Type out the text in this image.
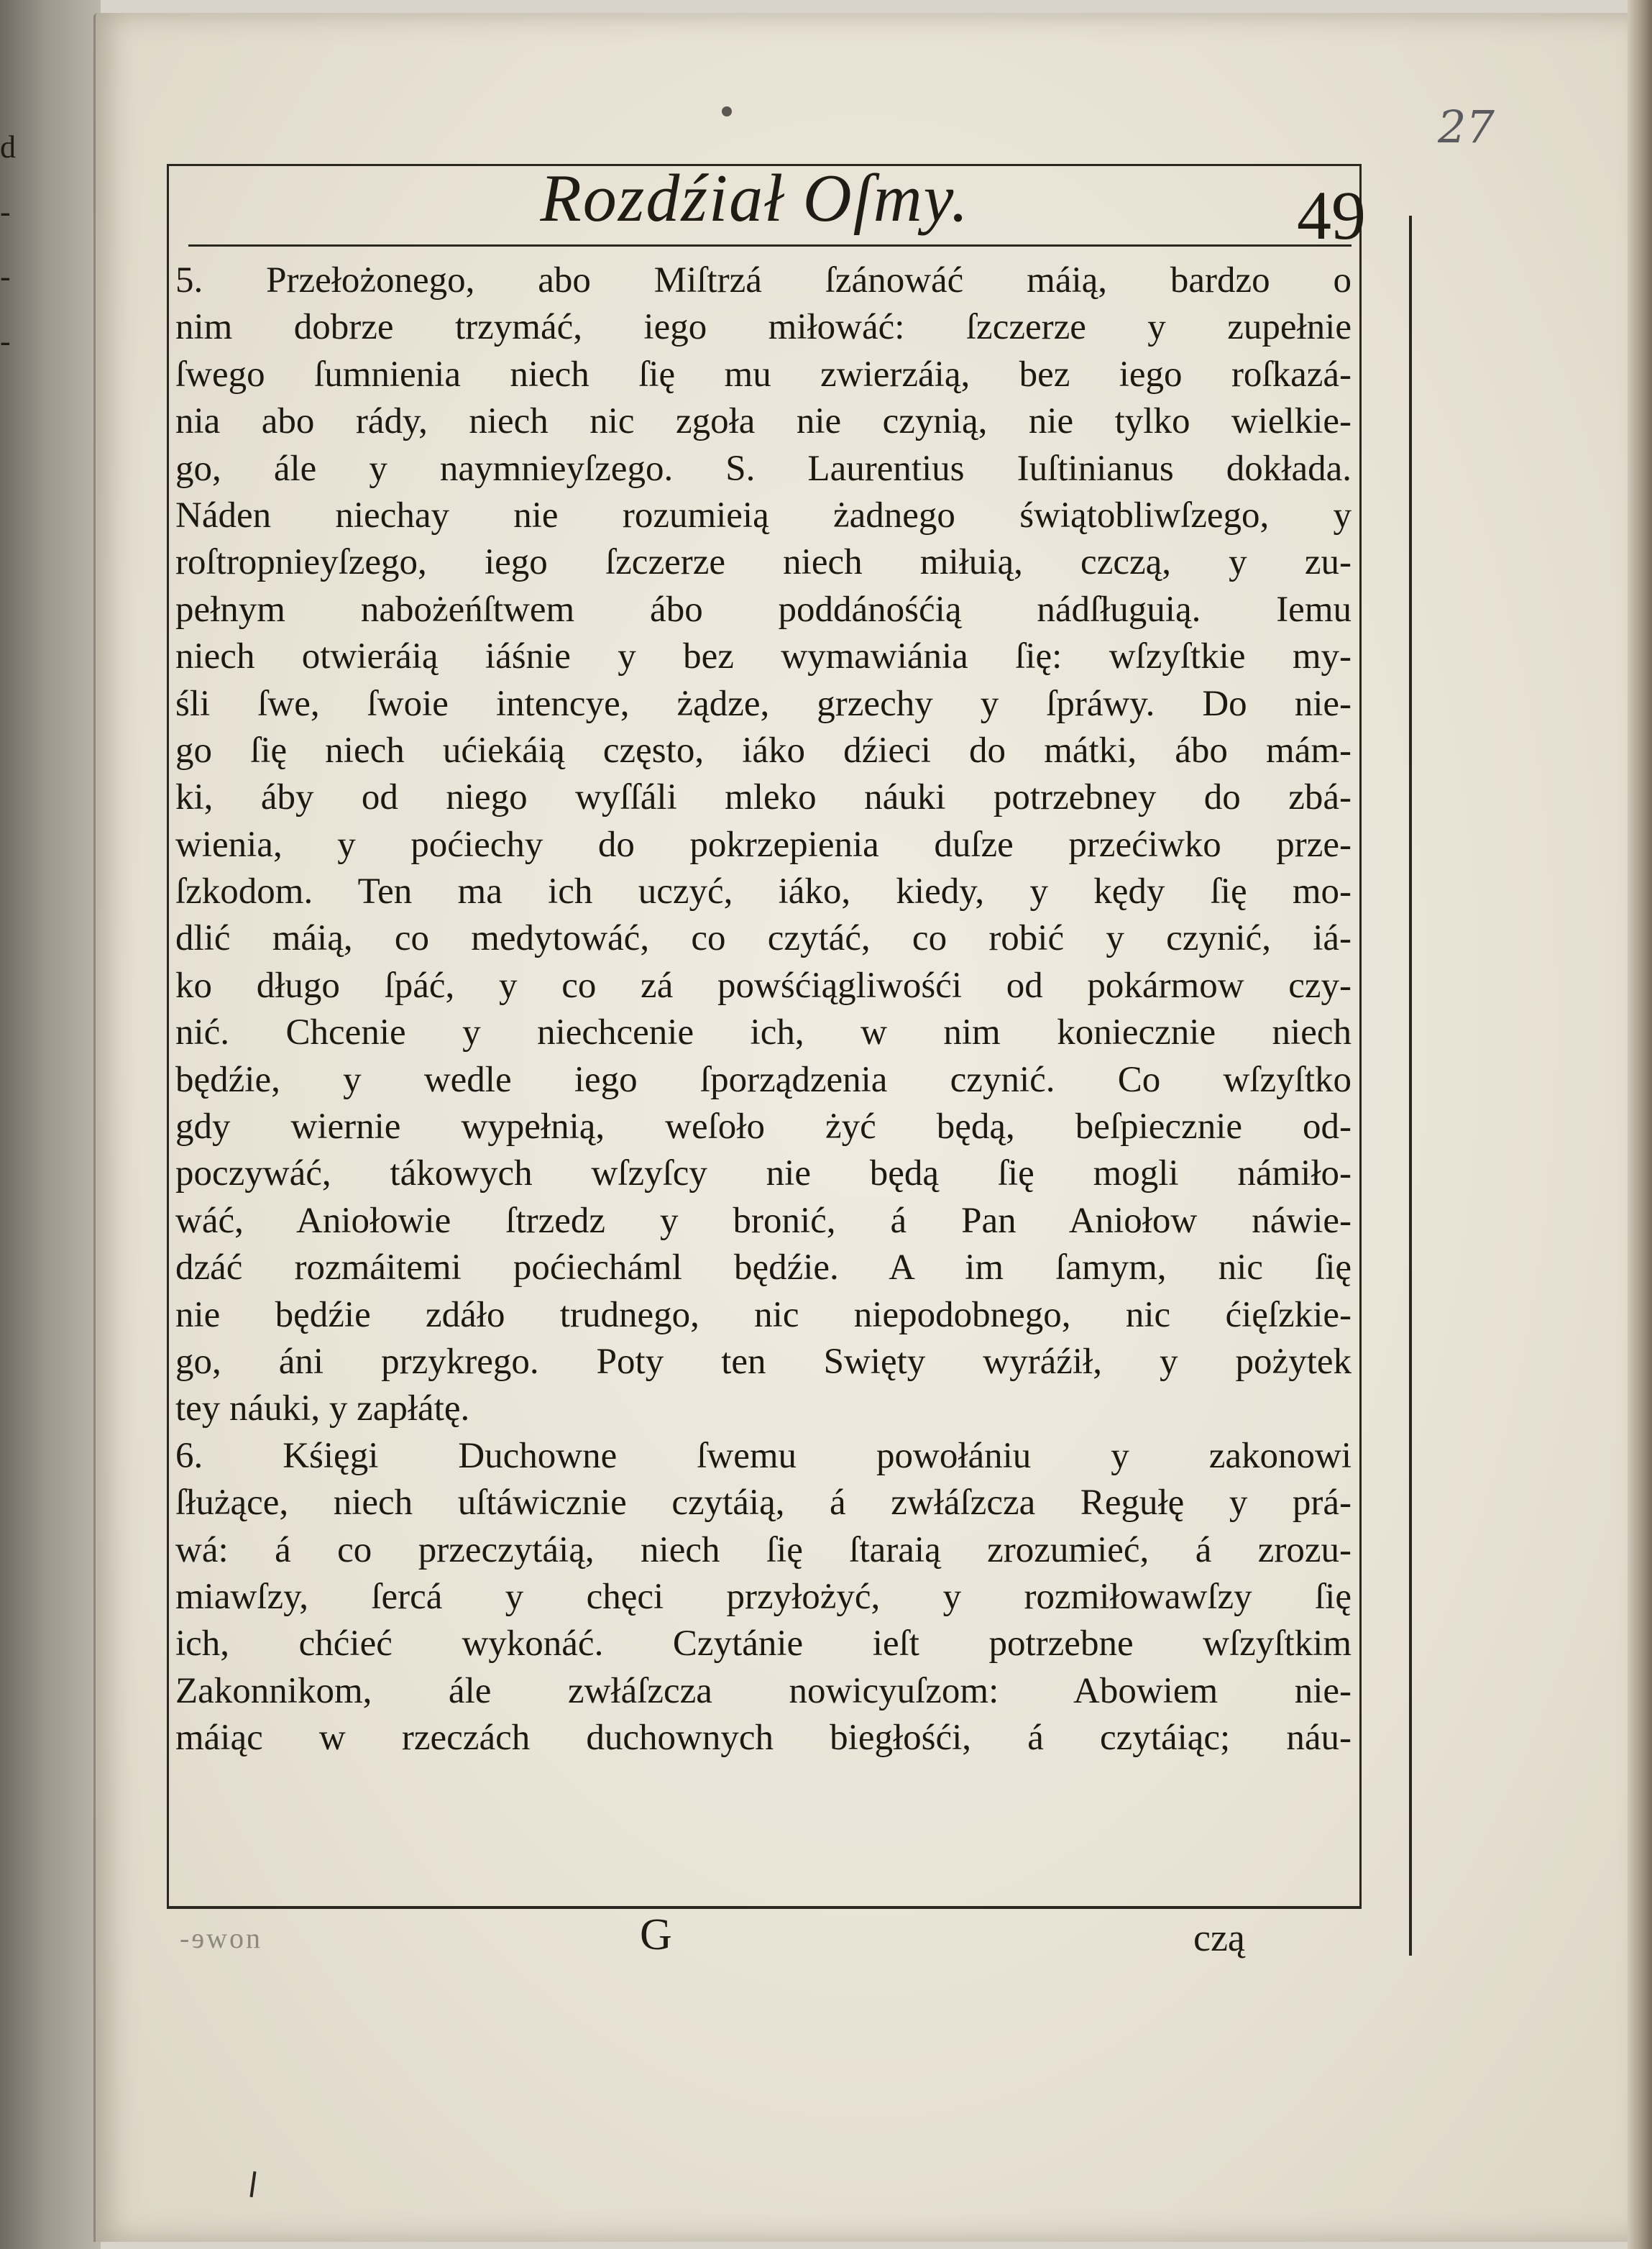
d
-
-
-
27
Rozdźiał Oſmy.	49
5. Przełożonego, abo Miſtrzá ſzánowáć máią, bardzo o
nim dobrze trzymáć, iego miłowáć: ſzczerze y zupełnie
ſwego ſumnienia niech ſię mu zwierzáią, bez iego roſkazá-
nia abo rády, niech nic zgoła nie czynią, nie tylko wielkie-
go, ále y naymnieyſzego. S. Laurentius Iuſtinianus dokłada.
Náden niechay nie rozumieią żadnego świątobliwſzego, y
roſtropnieyſzego, iego ſzczerze niech miłuią, czczą, y zu-
pełnym nabożeńſtwem ábo poddánośćią nádſługuią. Iemu
niech otwieráią iáśnie y bez wymawiánia ſię: wſzyſtkie my-
śli ſwe, ſwoie intencye, żądze, grzechy y ſpráwy. Do nie-
go ſię niech ućiekáią często, iáko dźieci do mátki, ábo mám-
ki, áby od niego wyſſáli mleko náuki potrzebney do zbá-
wienia, y poćiechy do pokrzepienia duſze przećiwko prze-
ſzkodom. Ten ma ich uczyć, iáko, kiedy, y kędy ſię mo-
dlić máią, co medytowáć, co czytáć, co robić y czynić, iá-
ko długo ſpáć, y co zá powśćiągliwośći od pokármow czy-
nić. Chcenie y niechcenie ich, w nim koniecznie niech
będźie, y wedle iego ſporządzenia czynić. Co wſzyſtko
gdy wiernie wypełnią, weſoło żyć będą, beſpiecznie od-
poczywáć, tákowych wſzyſcy nie będą ſię mogli námiło-
wáć, Aniołowie ſtrzedz y bronić, á Pan Aniołow náwie-
dzáć rozmáitemi poćiecháml będźie. A im ſamym, nic ſię
nie będźie zdáło trudnego, nic niepodobnego, nic ćięſzkie-
go, áni przykrego. Poty ten Swięty wyráźił, y pożytek
tey náuki, y zapłátę.
6. Kśięgi Duchowne ſwemu powołániu y zakonowi
ſłużące, niech uſtáwicznie czytáią, á zwłáſzcza Regułę y prá-
wá: á co przeczytáią, niech ſię ſtaraią zrozumieć, á zrozu-
miawſzy, ſercá y chęci przyłożyć, y rozmiłowawſzy ſię
ich, chćieć wykonáć. Czytánie ieſt potrzebne wſzyſtkim
Zakonnikom, ále zwłáſzcza nowicyuſzom: Abowiem nie-
máiąc w rzeczách duchownych biegłośći, á czytáiąc; náu-
-ɘwon	G	czą
